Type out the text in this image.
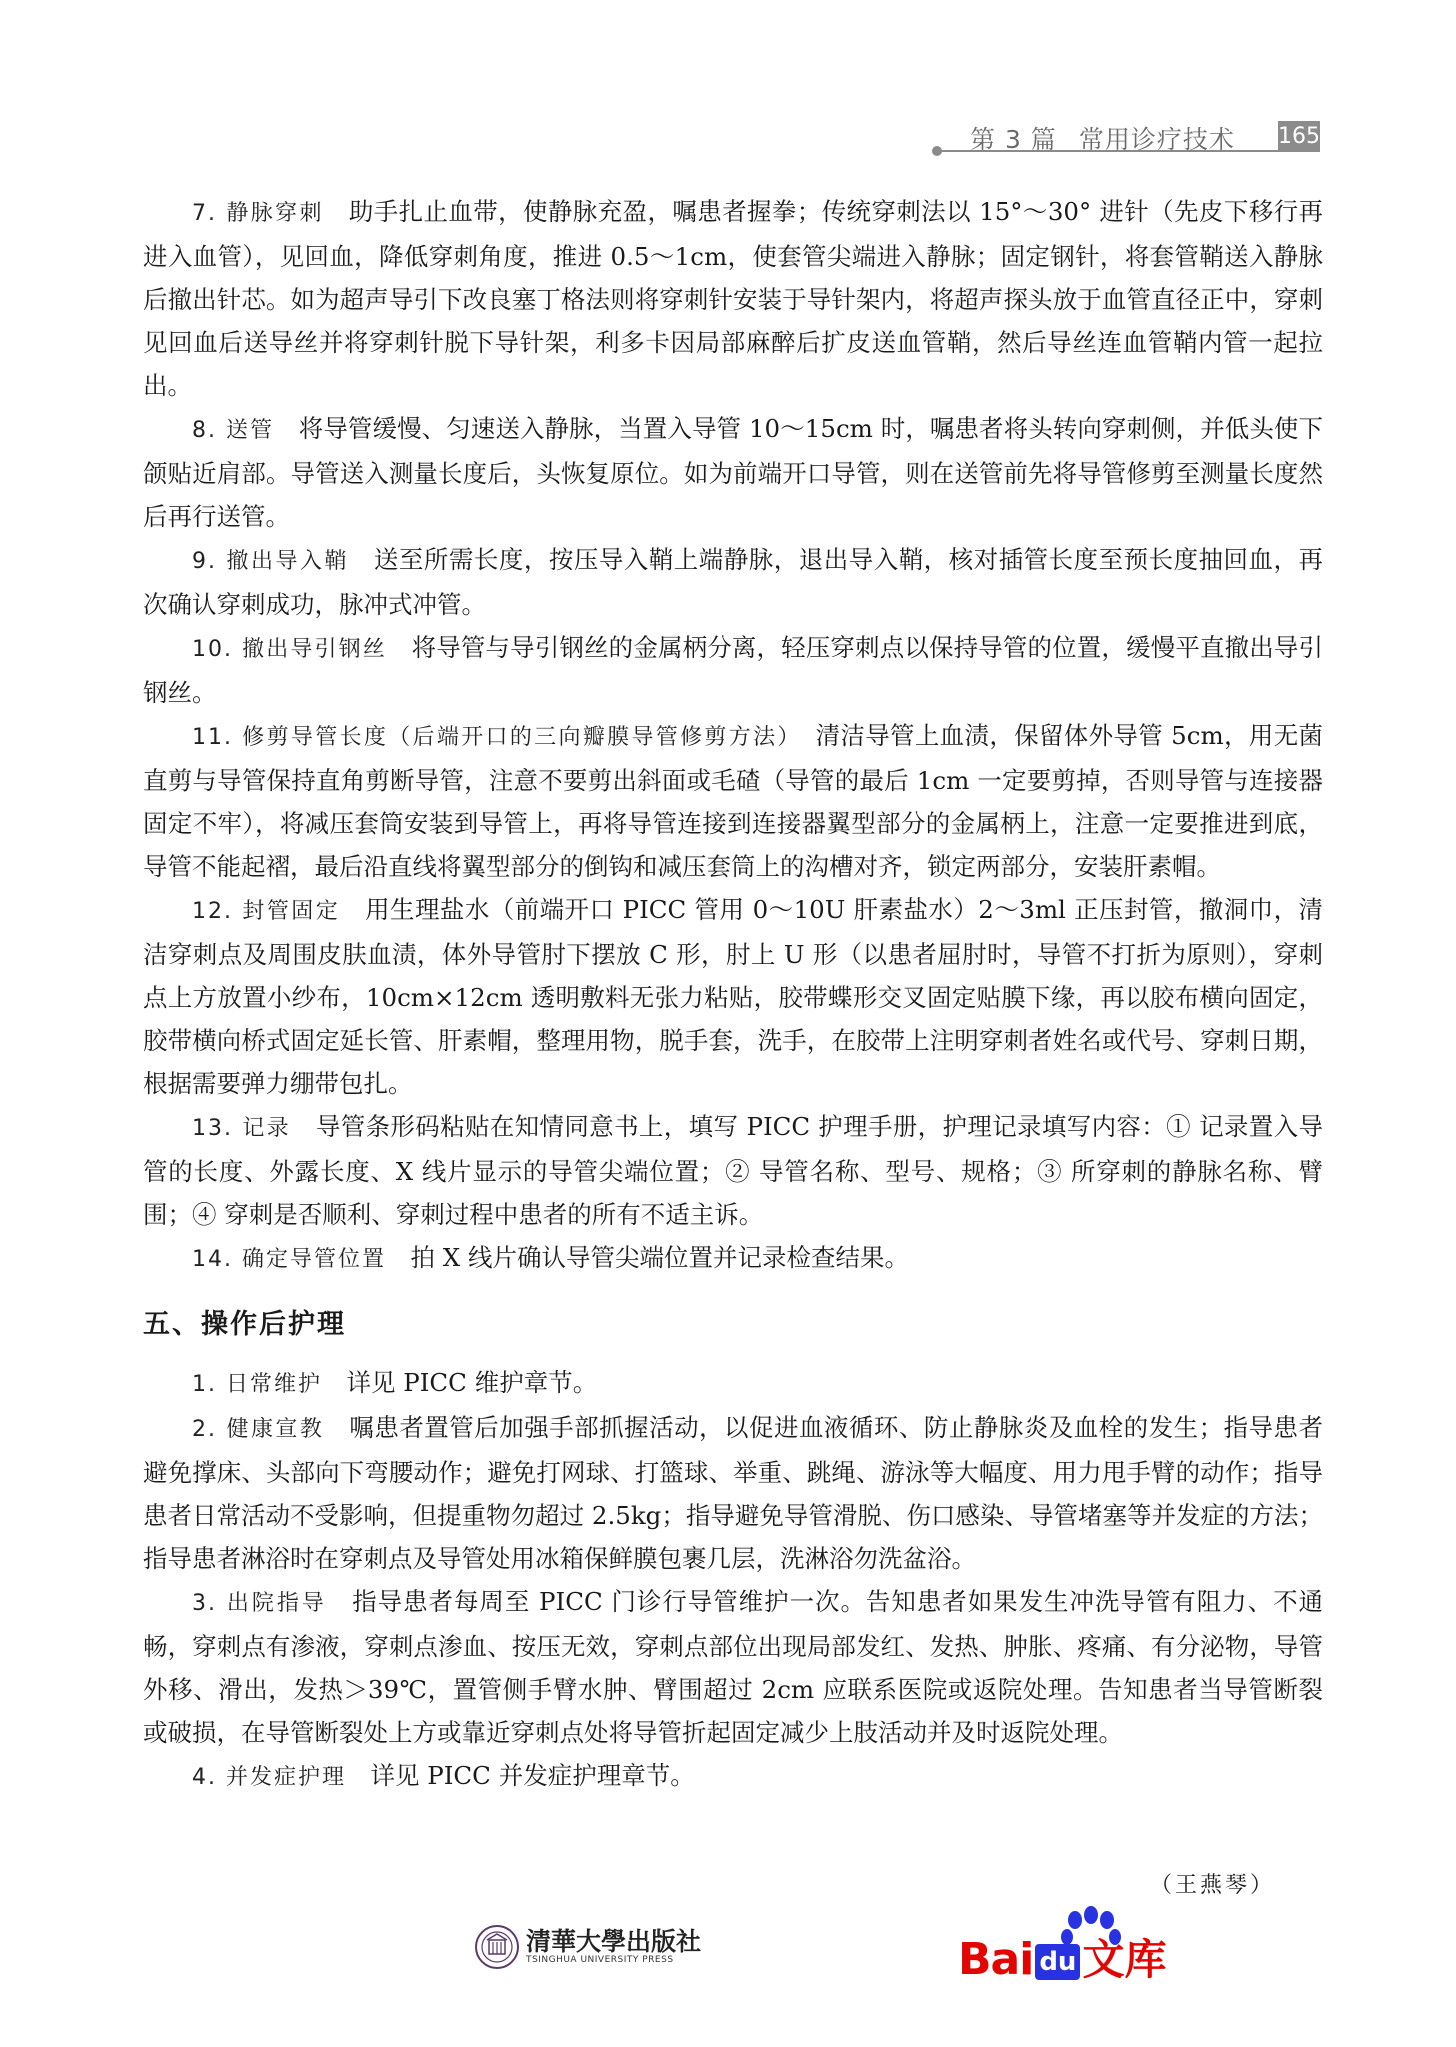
第 3 篇 常用诊疗技术 165

7. 静脉穿刺　 助手扎止血带，使静脉充盈，嘱患者握拳；传统穿刺法以 15°～30° 进针（先皮下移行再进入血管），见回血，降低穿刺角度，推进 0.5～1cm，使套管尖端进入静脉；固定钢针，将套管鞘送入静脉后撤出针芯。如为超声导引下改良塞丁格法则将穿刺针安装于导针架内，将超声探头放于血管直径正中，穿刺见回血后送导丝并将穿刺针脱下导针架，利多卡因局部麻醉后扩皮送血管鞘，然后导丝连血管鞘内管一起拉出。

8. 送管　 将导管缓慢、匀速送入静脉，当置入导管 10～15cm 时，嘱患者将头转向穿刺侧，并低头使下颌贴近肩部。导管送入测量长度后，头恢复原位。如为前端开口导管，则在送管前先将导管修剪至测量长度然后再行送管。

9. 撤出导入鞘　 送至所需长度，按压导入鞘上端静脉，退出导入鞘，核对插管长度至预长度抽回血，再次确认穿刺成功，脉冲式冲管。

10. 撤出导引钢丝　 将导管与导引钢丝的金属柄分离，轻压穿刺点以保持导管的位置，缓慢平直撤出导引钢丝。

11. 修剪导管长度（后端开口的三向瓣膜导管修剪方法）　 清洁导管上血渍，保留体外导管 5cm，用无菌直剪与导管保持直角剪断导管，注意不要剪出斜面或毛碴（导管的最后 1cm 一定要剪掉，否则导管与连接器固定不牢），将减压套筒安装到导管上，再将导管连接到连接器翼型部分的金属柄上，注意一定要推进到底，导管不能起褶，最后沿直线将翼型部分的倒钩和减压套筒上的沟槽对齐，锁定两部分，安装肝素帽。

12. 封管固定　 用生理盐水（前端开口 PICC 管用 0～10U 肝素盐水）2～3ml 正压封管，撤洞巾，清洁穿刺点及周围皮肤血渍，体外导管肘下摆放 C 形，肘上 U 形（以患者屈肘时，导管不打折为原则），穿刺点上方放置小纱布，10cm×12cm 透明敷料无张力粘贴，胶带蝶形交叉固定贴膜下缘，再以胶布横向固定，胶带横向桥式固定延长管、肝素帽，整理用物，脱手套，洗手，在胶带上注明穿刺者姓名或代号、穿刺日期，根据需要弹力绷带包扎。

13. 记录　 导管条形码粘贴在知情同意书上，填写 PICC 护理手册，护理记录填写内容：① 记录置入导管的长度、外露长度、X 线片显示的导管尖端位置；② 导管名称、型号、规格；③ 所穿刺的静脉名称、臂围；④ 穿刺是否顺利、穿刺过程中患者的所有不适主诉。

14. 确定导管位置　 拍 X 线片确认导管尖端位置并记录检查结果。

五、操作后护理

1. 日常维护　 详见 PICC 维护章节。

2. 健康宣教　 嘱患者置管后加强手部抓握活动，以促进血液循环、防止静脉炎及血栓的发生；指导患者避免撑床、头部向下弯腰动作；避免打网球、打篮球、举重、跳绳、游泳等大幅度、用力甩手臂的动作；指导患者日常活动不受影响，但提重物勿超过 2.5kg；指导避免导管滑脱、伤口感染、导管堵塞等并发症的方法；指导患者淋浴时在穿刺点及导管处用冰箱保鲜膜包裹几层，洗淋浴勿洗盆浴。

3. 出院指导　 指导患者每周至 PICC 门诊行导管维护一次。告知患者如果发生冲洗导管有阻力、不通畅，穿刺点有渗液，穿刺点渗血、按压无效，穿刺点部位出现局部发红、发热、肿胀、疼痛、有分泌物，导管外移、滑出，发热＞39℃，置管侧手臂水肿、臂围超过 2cm 应联系医院或返院处理。告知患者当导管断裂或破损，在导管断裂处上方或靠近穿刺点处将导管折起固定减少上肢活动并及时返院处理。

4. 并发症护理　 详见 PICC 并发症护理章节。

（王燕琴）
清華大學出版社
TSINGHUA UNIVERSITY PRESS	Bai du 文库
